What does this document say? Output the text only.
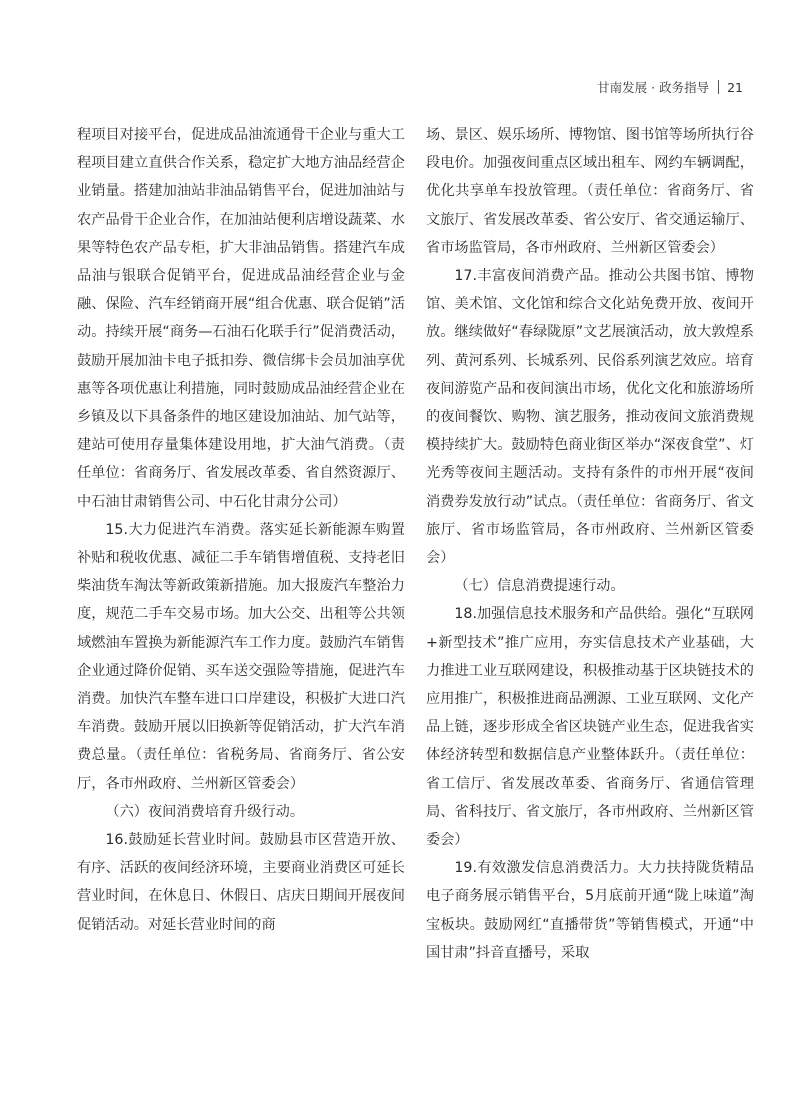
甘南发展 · 政务指导 21

程项目对接平台，促进成品油流通骨干企业与重大工程项目建立直供合作关系，稳定扩大地方油品经营企业销量。搭建加油站非油品销售平台，促进加油站与农产品骨干企业合作，在加油站便利店增设蔬菜、水果等特色农产品专柜，扩大非油品销售。搭建汽车成品油与银联合促销平台，促进成品油经营企业与金融、保险、汽车经销商开展“组合优惠、联合促销”活动。持续开展“商务—石油石化联手行”促消费活动，鼓励开展加油卡电子抵扣券、微信绑卡会员加油享优惠等各项优惠让利措施，同时鼓励成品油经营企业在乡镇及以下具备条件的地区建设加油站、加气站等，建站可使用存量集体建设用地，扩大油气消费。（责任单位：省商务厅、省发展改革委、省自然资源厅、中石油甘肃销售公司、中石化甘肃分公司）

15.大力促进汽车消费。落实延长新能源车购置补贴和税收优惠、减征二手车销售增值税、支持老旧柴油货车淘汰等新政策新措施。加大报废汽车整治力度，规范二手车交易市场。加大公交、出租等公共领域燃油车置换为新能源汽车工作力度。鼓励汽车销售企业通过降价促销、买车送交强险等措施，促进汽车消费。加快汽车整车进口口岸建设，积极扩大进口汽车消费。鼓励开展以旧换新等促销活动，扩大汽车消费总量。（责任单位：省税务局、省商务厅、省公安厅，各市州政府、兰州新区管委会）

（六）夜间消费培育升级行动。

16.鼓励延长营业时间。鼓励县市区营造开放、有序、活跃的夜间经济环境，主要商业消费区可延长营业时间，在休息日、休假日、店庆日期间开展夜间促销活动。对延长营业时间的商

场、景区、娱乐场所、博物馆、图书馆等场所执行谷段电价。加强夜间重点区域出租车、网约车辆调配，优化共享单车投放管理。（责任单位：省商务厅、省文旅厅、省发展改革委、省公安厅、省交通运输厅、省市场监管局，各市州政府、兰州新区管委会）

17.丰富夜间消费产品。推动公共图书馆、博物馆、美术馆、文化馆和综合文化站免费开放、夜间开放。继续做好“春绿陇原”文艺展演活动，放大敦煌系列、黄河系列、长城系列、民俗系列演艺效应。培育夜间游览产品和夜间演出市场，优化文化和旅游场所的夜间餐饮、购物、演艺服务，推动夜间文旅消费规模持续扩大。鼓励特色商业街区举办“深夜食堂”、灯光秀等夜间主题活动。支持有条件的市州开展“夜间消费券发放行动”试点。（责任单位：省商务厅、省文旅厅、省市场监管局，各市州政府、兰州新区管委会）

（七）信息消费提速行动。

18.加强信息技术服务和产品供给。强化“互联网+新型技术”推广应用，夯实信息技术产业基础，大力推进工业互联网建设，积极推动基于区块链技术的应用推广，积极推进商品溯源、工业互联网、文化产品上链，逐步形成全省区块链产业生态，促进我省实体经济转型和数据信息产业整体跃升。（责任单位：省工信厅、省发展改革委、省商务厅、省通信管理局、省科技厅、省文旅厅，各市州政府、兰州新区管委会）

19.有效激发信息消费活力。大力扶持陇货精品电子商务展示销售平台，5月底前开通“陇上味道”淘宝板块。鼓励网红“直播带货”等销售模式，开通“中国甘肃”抖音直播号，采取
